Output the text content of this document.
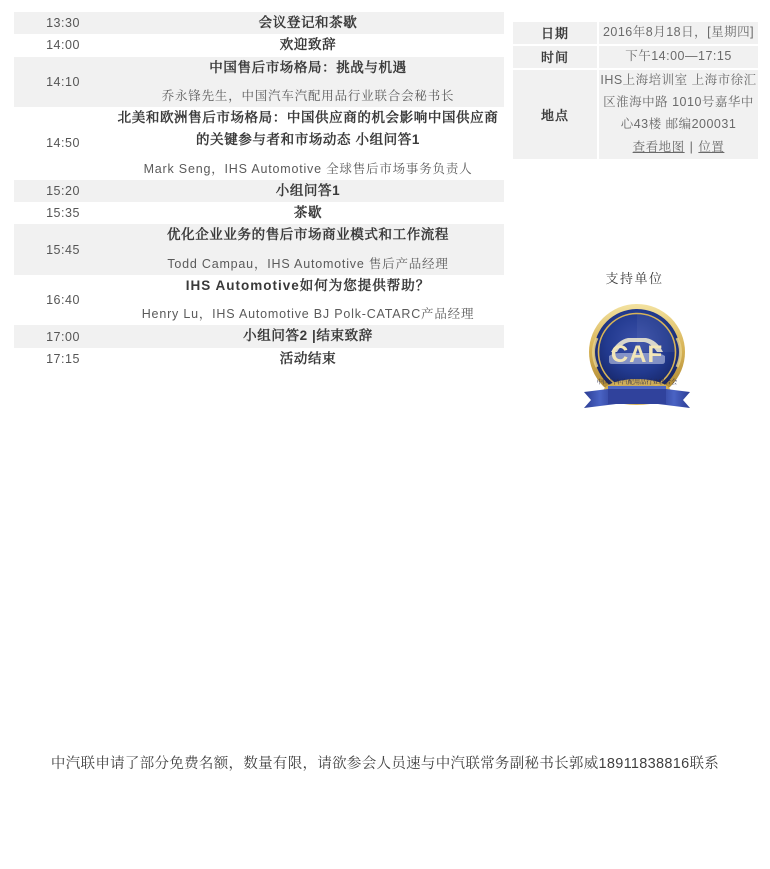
13:30	会议登记和茶歇

14:00	欢迎致辞

14:10	中国售后市场格局：挑战与机遇
乔永锋先生，中国汽车汽配用品行业联合会秘书长

14:50	北美和欧洲售后市场格局：中国供应商的机会影响中国供应商的关键参与者和市场动态 小组问答1
Mark Seng，IHS Automotive 全球售后市场事务负责人

15:20	小组问答1

15:35	茶歇

15:45	优化企业业务的售后市场商业模式和工作流程
Todd Campau，IHS Automotive 售后产品经理

16:40	IHS Automotive如何为您提供帮助？
Henry Lu，IHS Automotive BJ Polk-CATARC产品经理

17:00	小组问答2 |结束致辞

17:15	活动结束
日期	2016年8月18日，[星期四]

时间	下午14:00—17:15

地点	IHS上海培训室 上海市徐汇区淮海中路 1010号嘉华中心43楼 邮编200031
查看地图 | 位置
支持单位
CAF
中国汽车汽配用品行业联合会
中汽联申请了部分免费名额，数量有限，请欲参会人员速与中汽联常务副秘书长郭威18911838816联系
